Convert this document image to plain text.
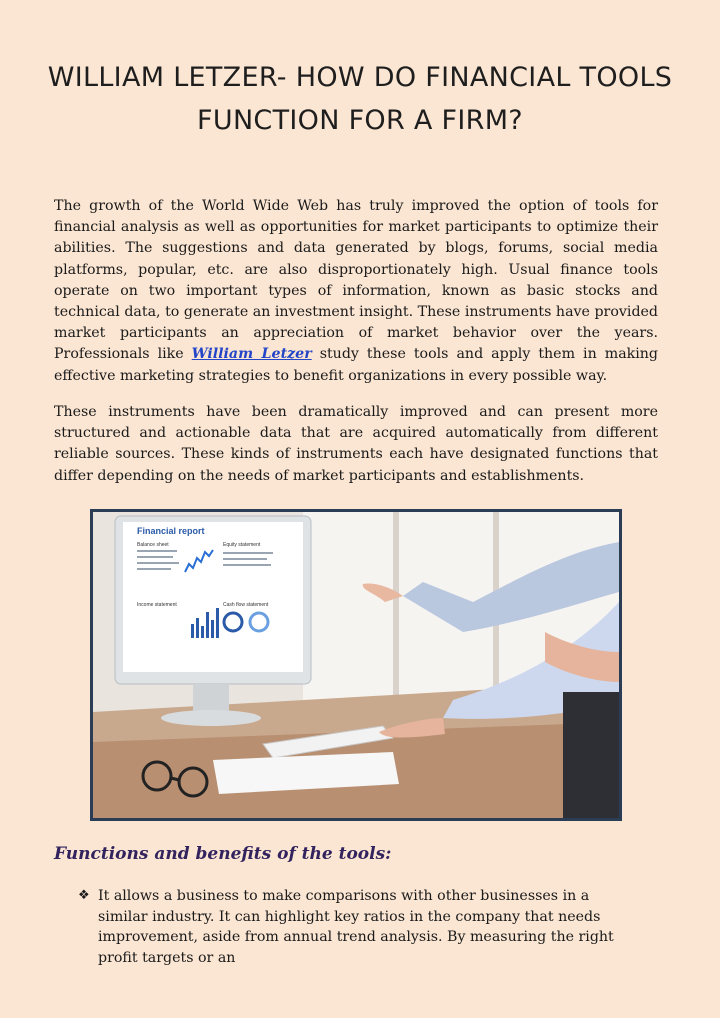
WILLIAM LETZER- HOW DO FINANCIAL TOOLS FUNCTION FOR A FIRM?

The growth of the World Wide Web has truly improved the option of tools for financial analysis as well as opportunities for market participants to optimize their abilities. The suggestions and data generated by blogs, forums, social media platforms, popular, etc. are also disproportionately high. Usual finance tools operate on two important types of information, known as basic stocks and technical data, to generate an investment insight. These instruments have provided market participants an appreciation of market behavior over the years. Professionals like William Letzer study these tools and apply them in making effective marketing strategies to benefit organizations in every possible way.

These instruments have been dramatically improved and can present more structured and actionable data that are acquired automatically from different reliable sources. These kinds of instruments each have designated functions that differ depending on the needs of market participants and establishments.

Financial report
Balance sheet	Equity statement
Income statement	Cash flow statement
Functions and benefits of the tools:
❖ It allows a business to make comparisons with other businesses in a similar industry. It can highlight key ratios in the company that needs improvement, aside from annual trend analysis. By measuring the right profit targets or an
